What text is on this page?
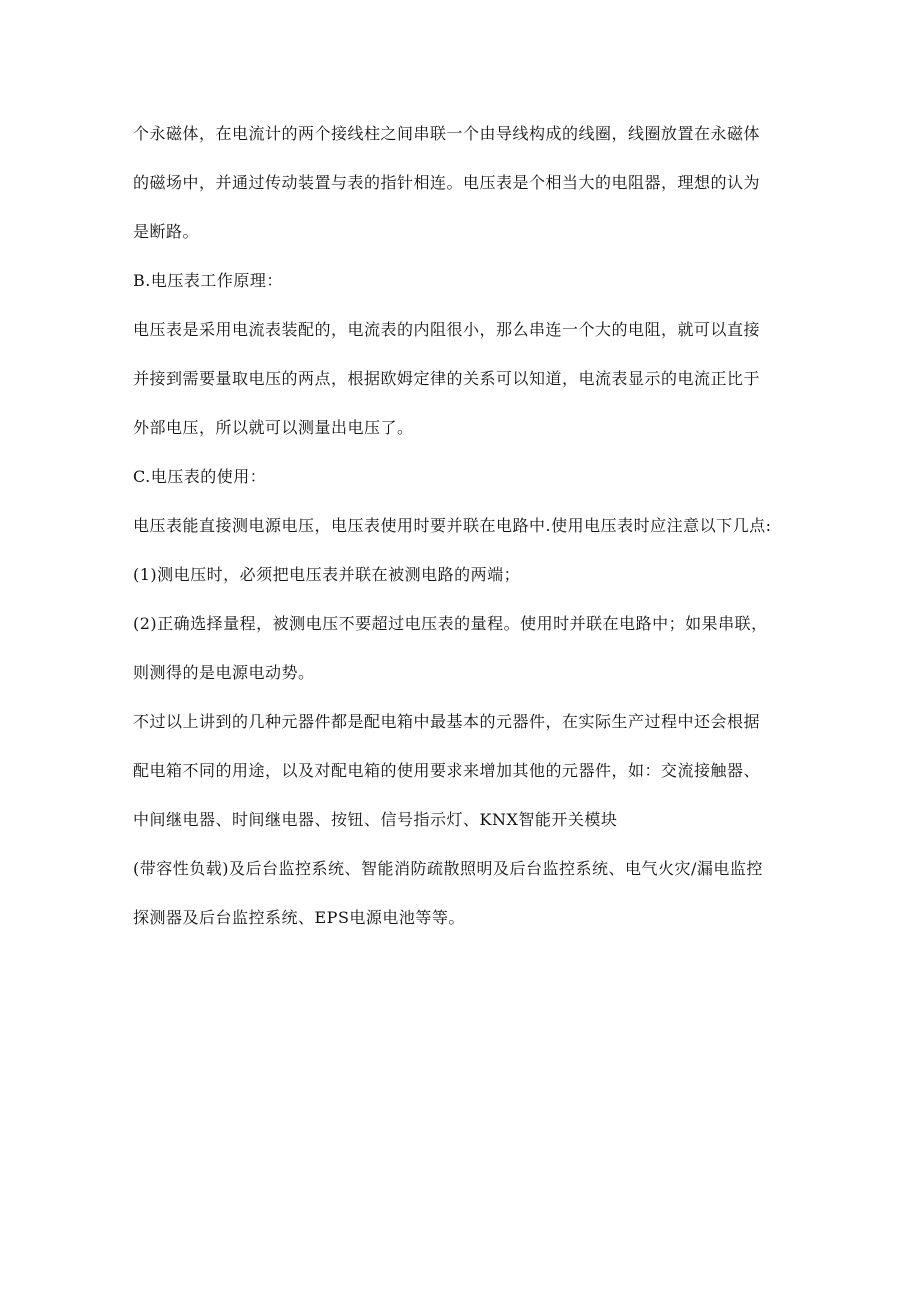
个永磁体，在电流计的两个接线柱之间串联一个由导线构成的线圈，线圈放置在永磁体
的磁场中，并通过传动装置与表的指针相连。电压表是个相当大的电阻器，理想的认为
是断路。
B.电压表工作原理：
电压表是采用电流表装配的，电流表的内阻很小，那么串连一个大的电阻，就可以直接
并接到需要量取电压的两点，根据欧姆定律的关系可以知道，电流表显示的电流正比于
外部电压，所以就可以测量出电压了。
C.电压表的使用：
电压表能直接测电源电压，电压表使用时要并联在电路中.使用电压表时应注意以下几点:
(1)测电压时，必须把电压表并联在被测电路的两端；
(2)正确选择量程，被测电压不要超过电压表的量程。使用时并联在电路中；如果串联，
则测得的是电源电动势。
不过以上讲到的几种元器件都是配电箱中最基本的元器件，在实际生产过程中还会根据
配电箱不同的用途，以及对配电箱的使用要求来增加其他的元器件，如：交流接触器、
中间继电器、时间继电器、按钮、信号指示灯、KNX智能开关模块
(带容性负载)及后台监控系统、智能消防疏散照明及后台监控系统、电气火灾/漏电监控
探测器及后台监控系统、EPS电源电池等等。
